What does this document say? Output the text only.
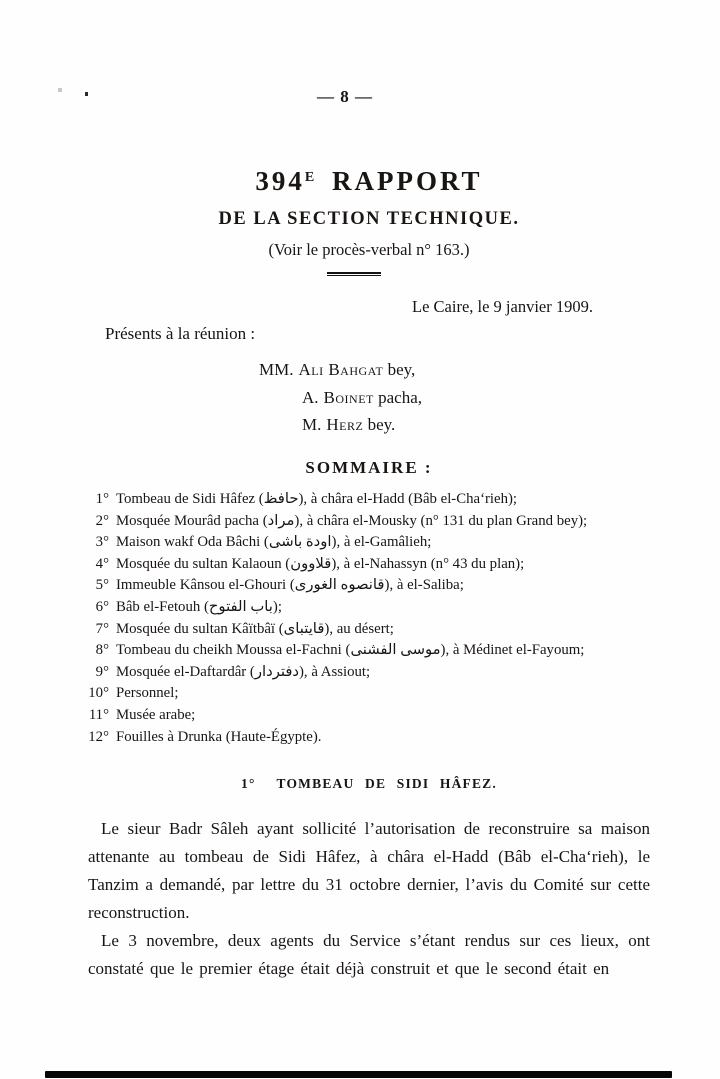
— 8 —
$394^E$ RAPPORT
DE LA SECTION TECHNIQUE.
(Voir le procès-verbal n° 163.)
Le Caire, le 9 janvier 1909.
Présents à la réunion :
MM. Ali Bahgat bey,
A. Boinet pacha,
M. Herz bey.
SOMMAIRE :
1° Tombeau de Sidi Hâfez (حافظ), à châra el-Hadd (Bâb el-Cha‘rieh);
2° Mosquée Mourâd pacha (مراد), à châra el-Mousky (n° 131 du plan Grand bey);
3° Maison wakf Oda Bâchi (اودة باشى), à el-Gamâlieh;
4° Mosquée du sultan Kalaoun (قلاوون), à el-Nahassyn (n° 43 du plan);
5° Immeuble Kânsou el-Ghouri (قانصوه الغورى), à el-Saliba;
6° Bâb el-Fetouh (باب الفتوح);
7° Mosquée du sultan Kâïtbâï (قايتباى), au désert;
8° Tombeau du cheikh Moussa el-Fachni (موسى الفشنى), à Médinet el-Fayoum;
9° Mosquée el-Daftardâr (دفتردار), à Assiout;
10° Personnel;
11° Musée arabe;
12° Fouilles à Drunka (Haute-Égypte).
1° TOMBEAU DE SIDI HÂFEZ.

Le sieur Badr Sâleh ayant sollicité l’autorisation de reconstruire sa maison attenante au tombeau de Sidi Hâfez, à châra el-Hadd (Bâb el-Cha‘rieh), le Tanzim a demandé, par lettre du 31 octobre dernier, l’avis du Comité sur cette reconstruction.

Le 3 novembre, deux agents du Service s’étant rendus sur ces lieux, ont constaté que le premier étage était déjà construit et que le second était en
